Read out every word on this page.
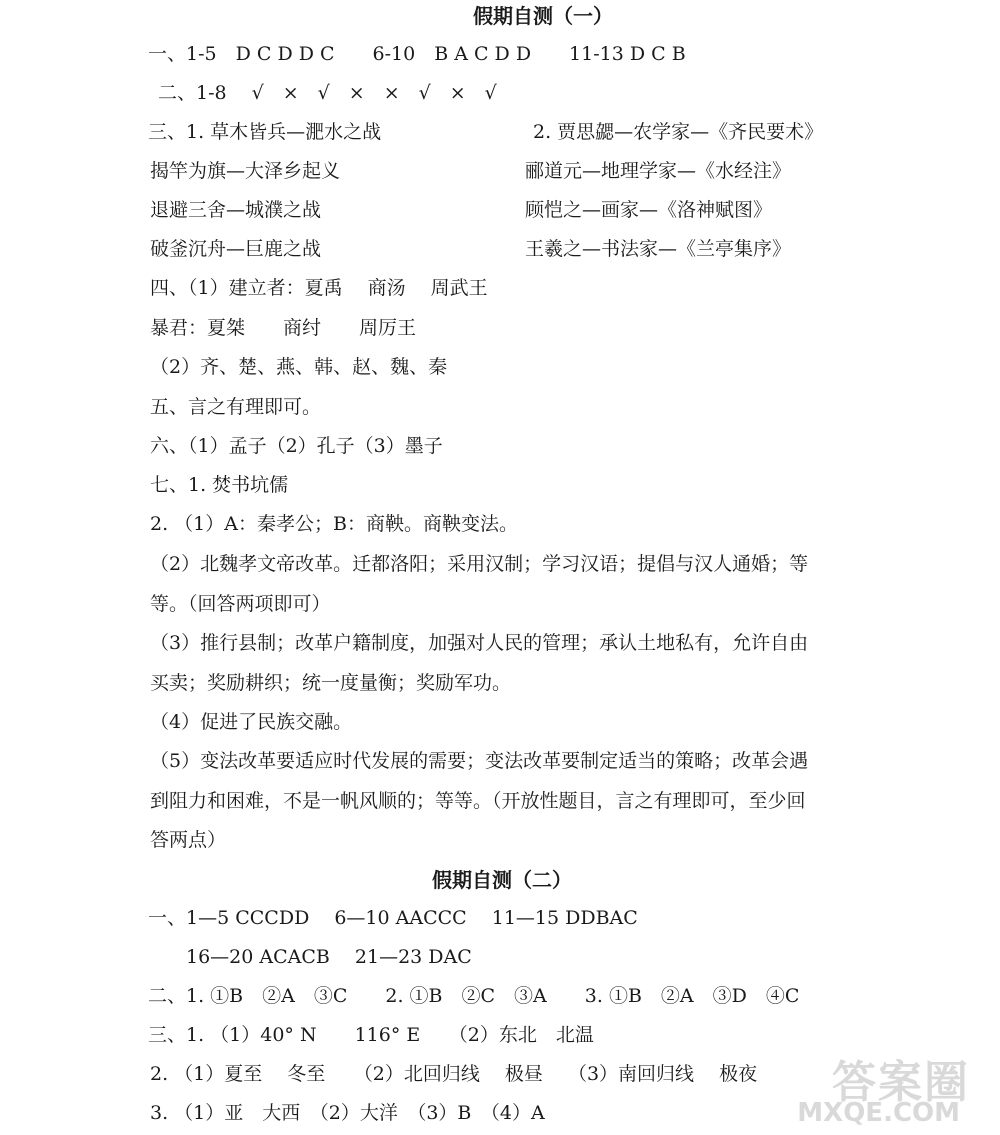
假期自测（一）
一、1-5　D C D D C　　6-10　B A C D D　　11-13 D C B
二、1-8　 √　×　√　×　×　√　×　√
三、1. 草木皆兵—淝水之战	2. 贾思勰—农学家—《齐民要术》
揭竿为旗—大泽乡起义	郦道元—地理学家—《水经注》
退避三舍—城濮之战	顾恺之—画家—《洛神赋图》
破釜沉舟—巨鹿之战	王羲之—书法家—《兰亭集序》
四、（1）建立者：夏禹　 商汤　 周武王
暴君：夏桀　　商纣　　周厉王
（2）齐、楚、燕、韩、赵、魏、秦
五、言之有理即可。
六、（1）孟子（2）孔子（3）墨子
七、1. 焚书坑儒
2. （1）A：秦孝公；B：商鞅。商鞅变法。
（2）北魏孝文帝改革。迁都洛阳；采用汉制；学习汉语；提倡与汉人通婚；等
等。（回答两项即可）
（3）推行县制；改革户籍制度，加强对人民的管理；承认土地私有，允许自由
买卖；奖励耕织；统一度量衡；奖励军功。
（4）促进了民族交融。
（5）变法改革要适应时代发展的需要；变法改革要制定适当的策略；改革会遇
到阻力和困难，不是一帆风顺的；等等。（开放性题目，言之有理即可，至少回
答两点）
假期自测（二）
一、1—5 CCCDD　 6—10 AACCC　 11—15 DDBAC
16—20 ACACB　 21—23 DAC
二、1. ①B　②A　③C　　2. ①B　②C　③A　　3. ①B　②A　③D　④C
三、1. （1）40° N　　116° E　　（2）东北　北温
2. （1）夏至　 冬至　　（2）北回归线　 极昼　 （3）南回归线　 极夜
3. （1）亚　大西　（2）大洋　（3）B　（4）A
答案圈
MXQE.COM
